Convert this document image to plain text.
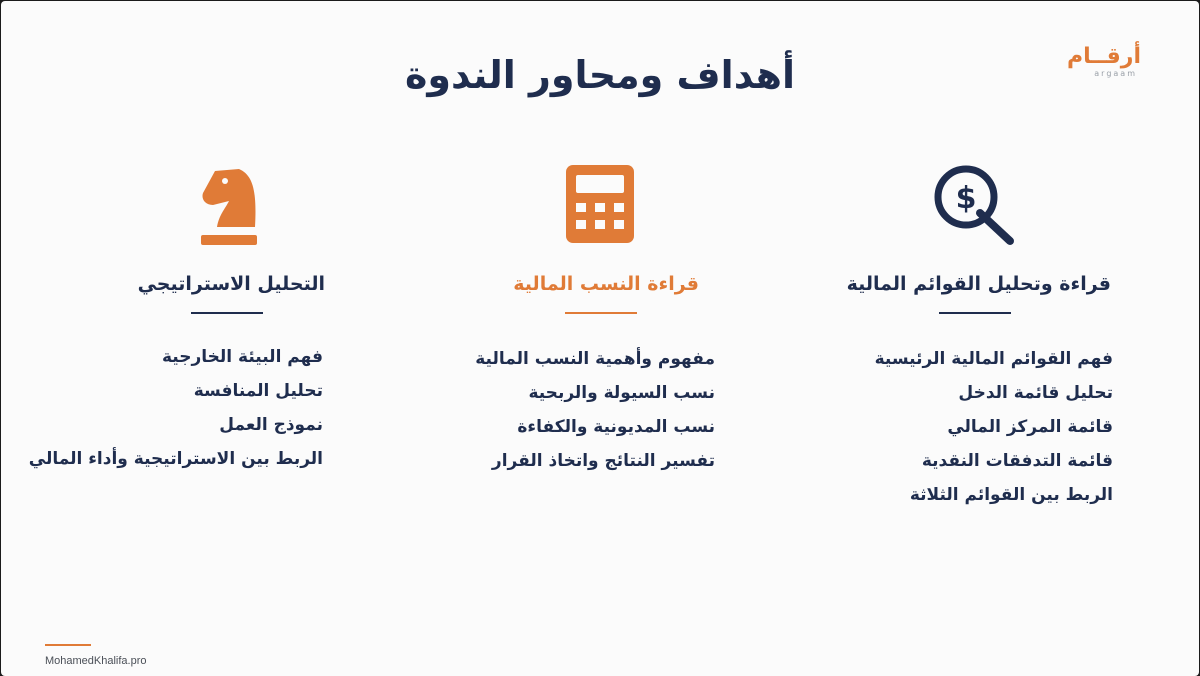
أرقــام
argaam
أهداف ومحاور الندوة
$
قراءة وتحليل القوائم المالية
فهم القوائم المالية الرئيسية
تحليل قائمة الدخل
قائمة المركز المالي
قائمة التدفقات النقدية
الربط بين القوائم الثلاثة
قراءة النسب المالية
مفهوم وأهمية النسب المالية
نسب السيولة والربحية
نسب المديونية والكفاءة
تفسير النتائج واتخاذ القرار
التحليل الاستراتيجي
فهم البيئة الخارجية
تحليل المنافسة
نموذج العمل
الربط بين الاستراتيجية وأداء المالي
MohamedKhalifa.pro
